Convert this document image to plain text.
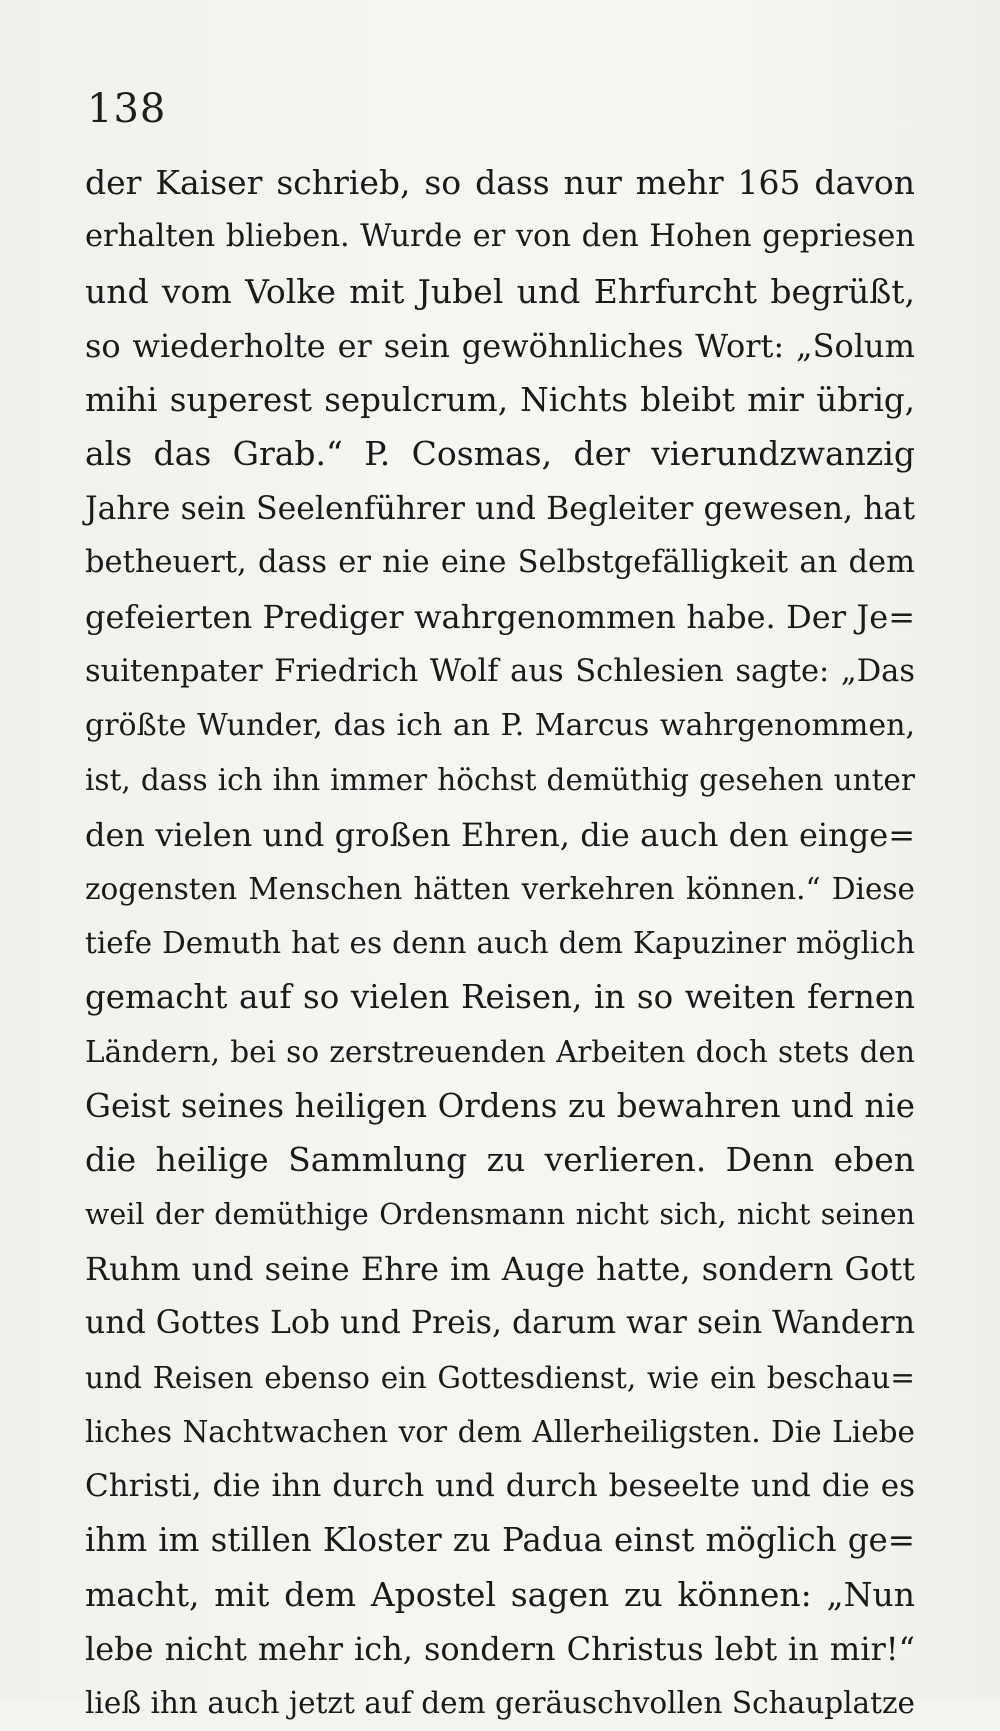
138
der Kaiser schrieb, so dass nur mehr 165 davon
erhalten blieben. Wurde er von den Hohen gepriesen
und vom Volke mit Jubel und Ehrfurcht begrüßt,
so wiederholte er sein gewöhnliches Wort: „Solum
mihi superest sepulcrum, Nichts bleibt mir übrig,
als das Grab.“ P. Cosmas, der vierundzwanzig
Jahre sein Seelenführer und Begleiter gewesen, hat
betheuert, dass er nie eine Selbstgefälligkeit an dem
gefeierten Prediger wahrgenommen habe. Der Je=
suitenpater Friedrich Wolf aus Schlesien sagte: „Das
größte Wunder, das ich an P. Marcus wahrgenommen,
ist, dass ich ihn immer höchst demüthig gesehen unter
den vielen und großen Ehren, die auch den einge=
zogensten Menschen hätten verkehren können.“ Diese
tiefe Demuth hat es denn auch dem Kapuziner möglich
gemacht auf so vielen Reisen, in so weiten fernen
Ländern, bei so zerstreuenden Arbeiten doch stets den
Geist seines heiligen Ordens zu bewahren und nie
die heilige Sammlung zu verlieren. Denn eben
weil der demüthige Ordensmann nicht sich, nicht seinen
Ruhm und seine Ehre im Auge hatte, sondern Gott
und Gottes Lob und Preis, darum war sein Wandern
und Reisen ebenso ein Gottesdienst, wie ein beschau=
liches Nachtwachen vor dem Allerheiligsten. Die Liebe
Christi, die ihn durch und durch beseelte und die es
ihm im stillen Kloster zu Padua einst möglich ge=
macht, mit dem Apostel sagen zu können: „Nun
lebe nicht mehr ich, sondern Christus lebt in mir!“
ließ ihn auch jetzt auf dem geräuschvollen Schauplatze
